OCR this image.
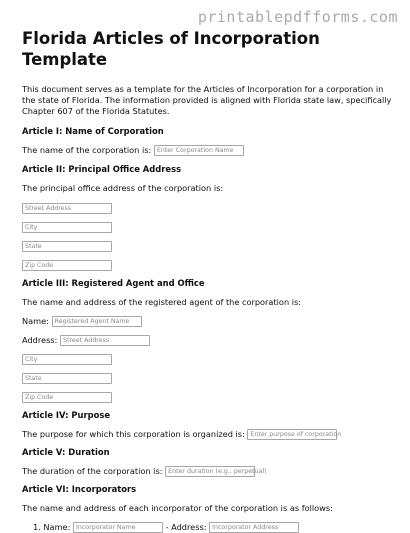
printablepdfforms.com
Florida Articles of Incorporation Template

This document serves as a template for the Articles of Incorporation for a corporation in the state of Florida. The information provided is aligned with Florida state law, specifically Chapter 607 of the Florida Statutes.

Article I: Name of Corporation
The name of the corporation is: Enter Corporation Name
Article II: Principal Office Address

The principal office address of the corporation is:

Street Address
City
State
Zip Code
Article III: Registered Agent and Office

The name and address of the registered agent of the corporation is:

Name: Registered Agent Name
Address: Street Address
City
State
Zip Code
Article IV: Purpose
The purpose for which this corporation is organized is: Enter purpose of corporation
Article V: Duration
The duration of the corporation is: Enter duration (e.g., perpetual)
Article VI: Incorporators

The name and address of each incorporator of the corporation is as follows:

1. Name: Incorporator Name	- Address: Incorporator Address
